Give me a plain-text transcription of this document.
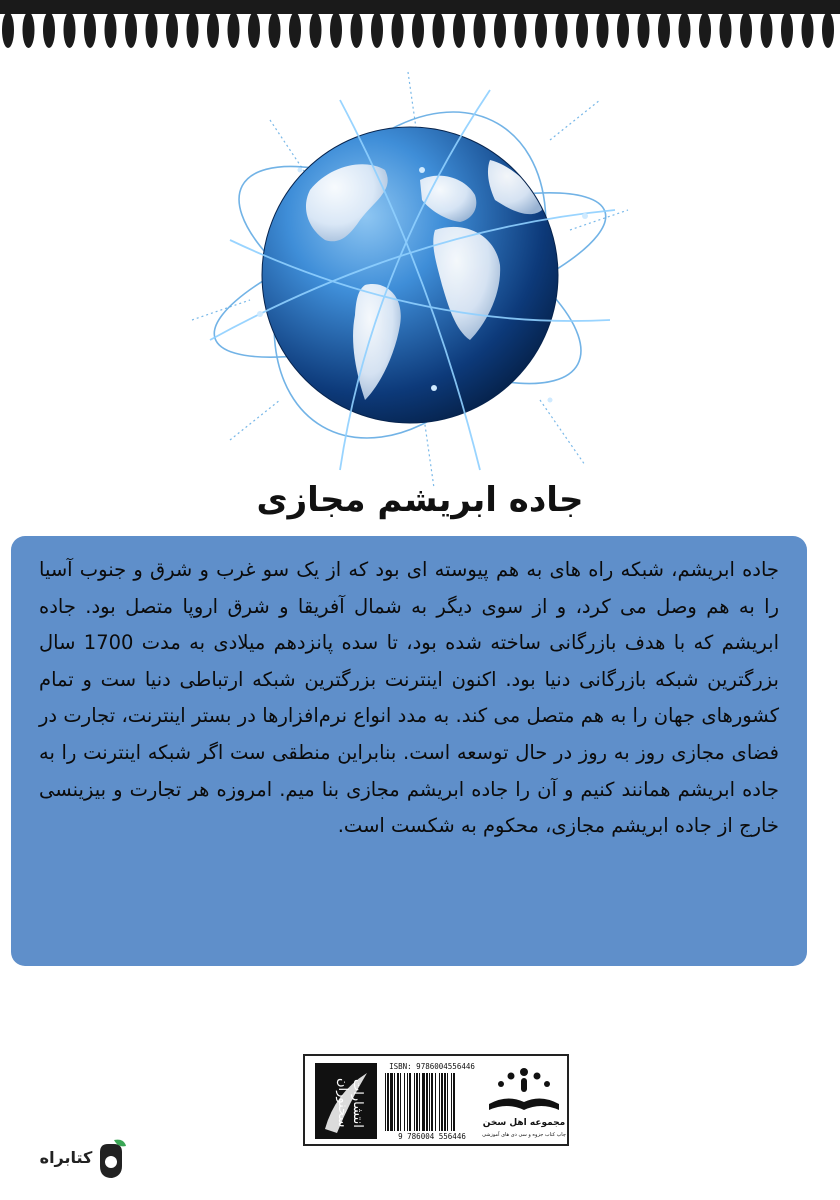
جاده ابریشم مجازی
جاده ابریشم، شبکه راه های به هم پیوسته ای بود که از یک سو غرب و شرق و جنوب آسیا را به هم وصل می کرد، و از سوی دیگر به شمال آفریقا و شرق اروپا متصل بود. جاده ابریشم که با هدف بازرگانی ساخته شده بود، تا سده پانزدهم میلادی به مدت 1700 سال بزرگترین شبکه بازرگانی دنیا بود. اکنون اینترنت بزرگترین شبکه ارتباطی دنیا ست و تمام کشورهای جهان را به هم متصل می کند. به مدد انواع نرم‌افزارها در بستر اینترنت، تجارت در فضای مجازی روز به روز در حال توسعه است. بنابراین منطقی ست اگر شبکه اینترنت را به جاده ابریشم همانند کنیم و آن را جاده ابریشم مجازی بنا میم. امروزه هر تجارت و بیزینسی خارج از جاده ابریشم مجازی، محکوم به شکست است.
انتشارات سخنوران
ISBN: 9786004556446
9 786004 556446
مجموعه اهل سخن
چاپ کتاب جزوه و سی دی های آموزشی
کتابراه
